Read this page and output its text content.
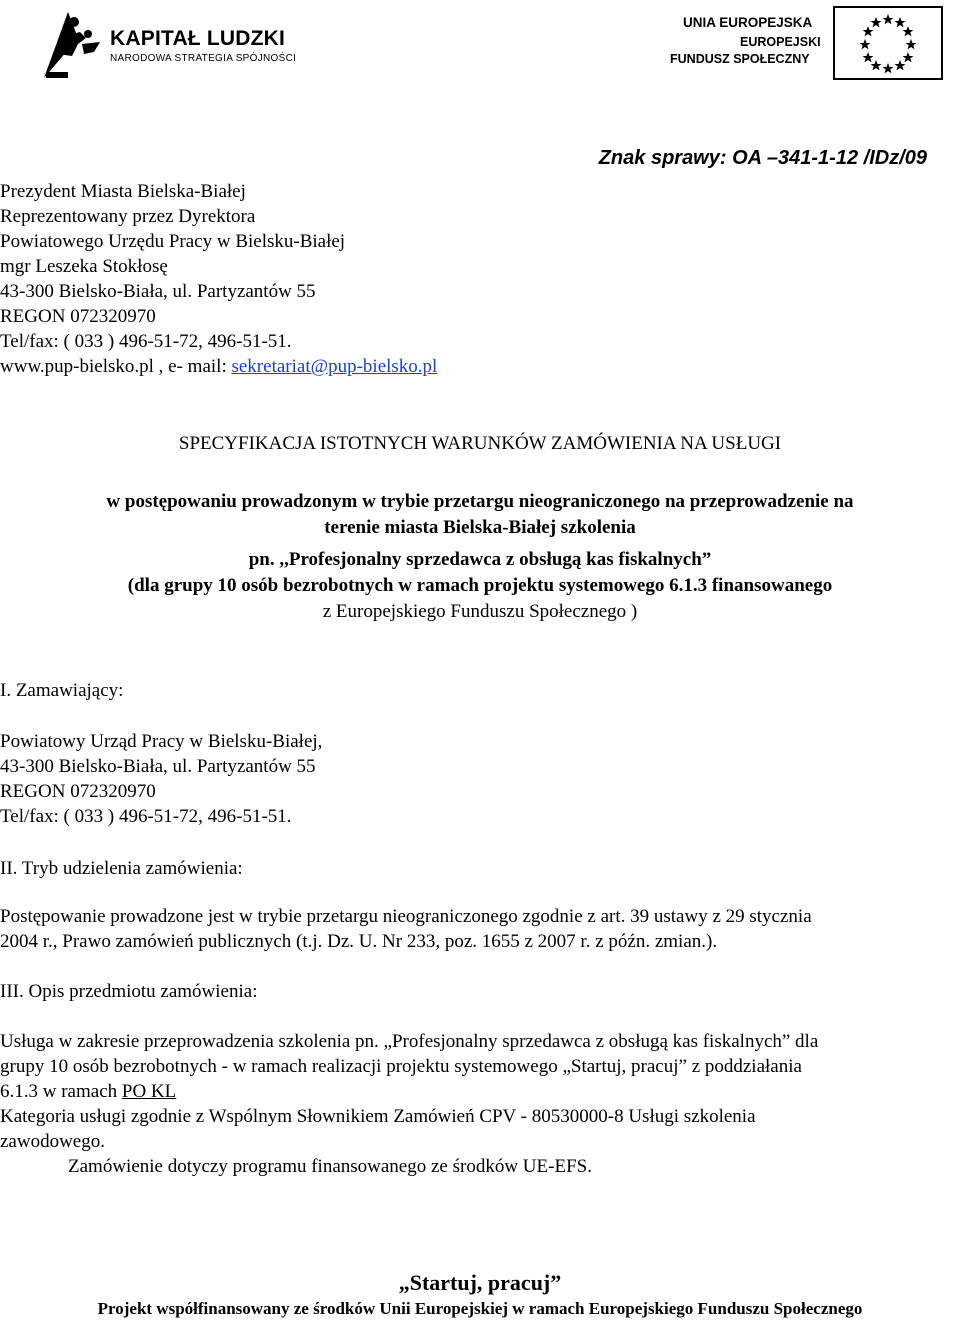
KAPITAŁ LUDZKI
NARODOWA STRATEGIA SPÓJNOŚCI
UNIA EUROPEJSKA
EUROPEJSKI
FUNDUSZ SPOŁECZNY
Znak sprawy: OA –341-1-12 /IDz/09
Prezydent Miasta Bielska-Białej
Reprezentowany przez Dyrektora
Powiatowego Urzędu Pracy w Bielsku-Białej
mgr Leszeka Stokłosę
43-300 Bielsko-Biała, ul. Partyzantów 55
REGON 072320970
Tel/fax: ( 033 ) 496-51-72, 496-51-51.
www.pup-bielsko.pl , e- mail: sekretariat@pup-bielsko.pl
SPECYFIKACJA ISTOTNYCH WARUNKÓW ZAMÓWIENIA NA USŁUGI
w postępowaniu prowadzonym w trybie przetargu nieograniczonego na przeprowadzenie na
terenie miasta Bielska-Białej szkolenia
pn. ,,Profesjonalny sprzedawca z obsługą kas fiskalnych”
(dla grupy 10 osób bezrobotnych w ramach projektu systemowego 6.1.3 finansowanego
z Europejskiego Funduszu Społecznego )
I. Zamawiający:
Powiatowy Urząd Pracy w Bielsku-Białej,
43-300 Bielsko-Biała, ul. Partyzantów 55
REGON 072320970
Tel/fax: ( 033 ) 496-51-72, 496-51-51.
II. Tryb udzielenia zamówienia:
Postępowanie prowadzone jest w trybie przetargu nieograniczonego zgodnie z art. 39 ustawy z 29 stycznia
2004 r., Prawo zamówień publicznych (t.j. Dz. U. Nr 233, poz. 1655 z 2007 r. z późn. zmian.).
III. Opis przedmiotu zamówienia:
Usługa w zakresie przeprowadzenia szkolenia pn. „Profesjonalny sprzedawca z obsługą kas fiskalnych” dla
grupy 10 osób bezrobotnych - w ramach realizacji projektu systemowego „Startuj, pracuj” z poddziałania
6.1.3 w ramach PO KL
Kategoria usługi zgodnie z Wspólnym Słownikiem Zamówień CPV - 80530000-8 Usługi szkolenia
zawodowego.
Zamówienie dotyczy programu finansowanego ze środków UE-EFS.
„Startuj, pracuj”
Projekt współfinansowany ze środków Unii Europejskiej w ramach Europejskiego Funduszu Społecznego
